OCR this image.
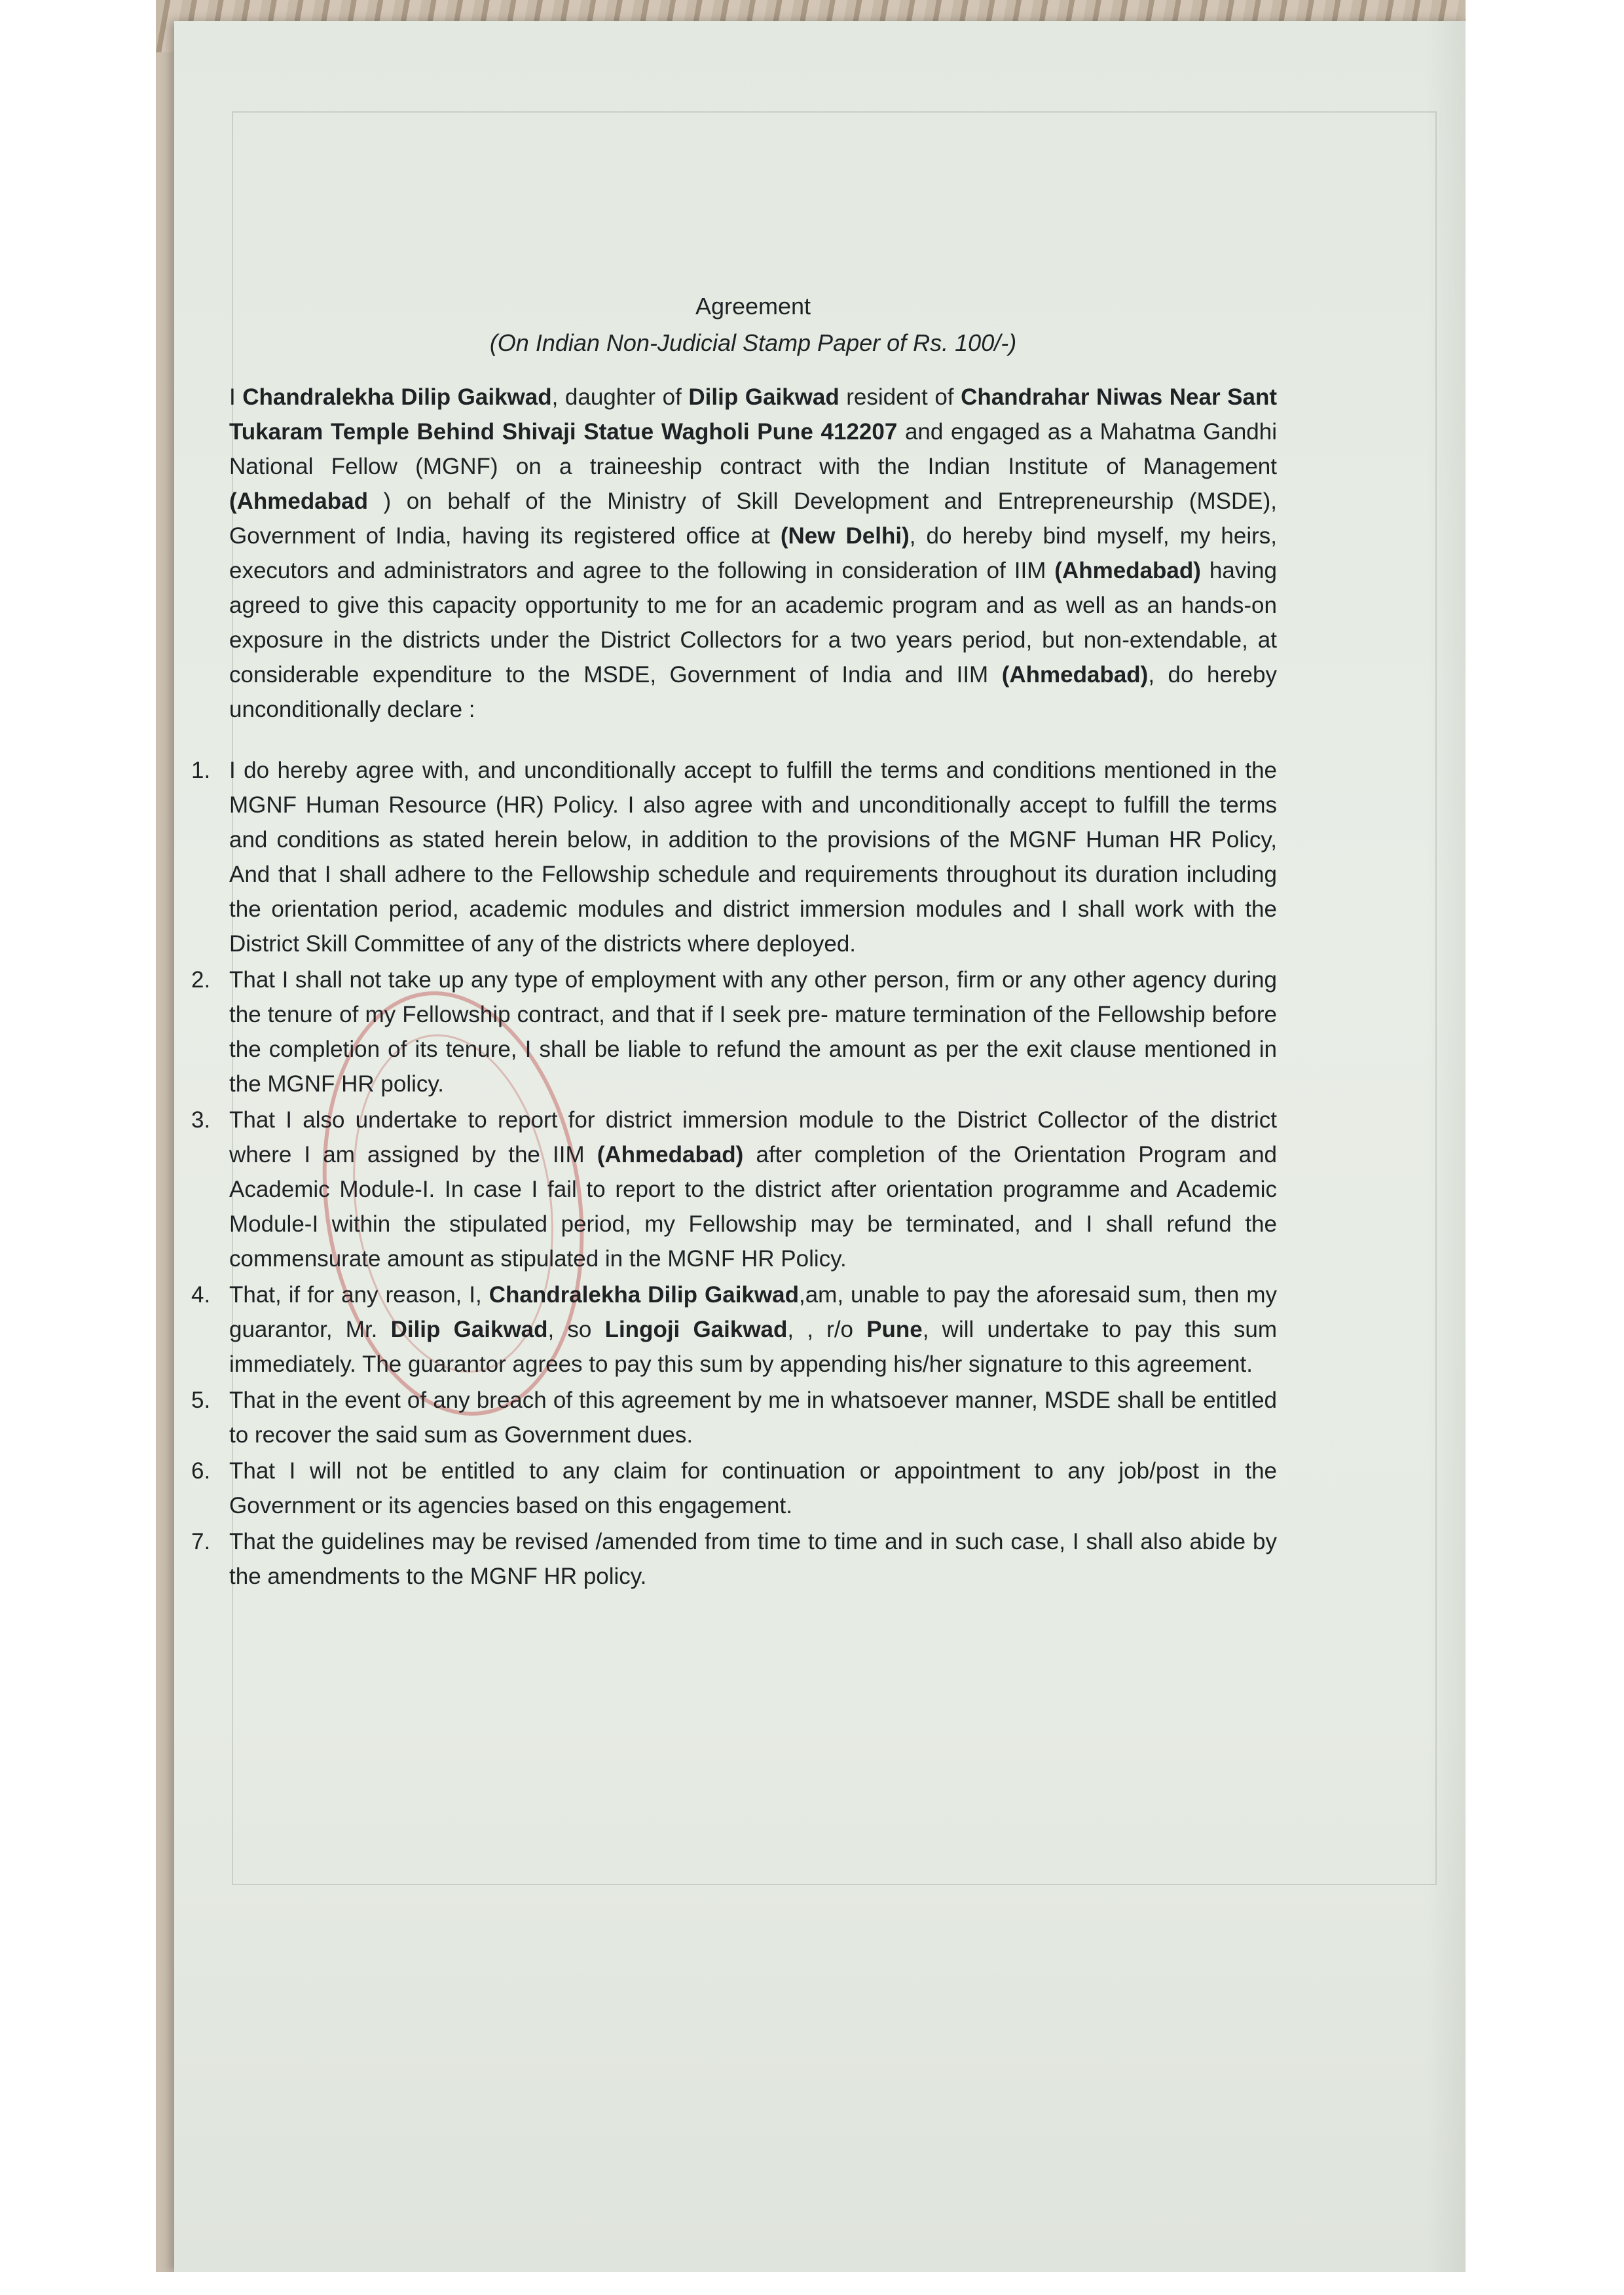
Agreement

(On Indian Non-Judicial Stamp Paper of Rs. 100/-)

I Chandralekha Dilip Gaikwad, daughter of Dilip Gaikwad resident of Chandrahar Niwas Near Sant Tukaram Temple Behind Shivaji Statue Wagholi Pune 412207 and engaged as a Mahatma Gandhi National Fellow (MGNF) on a traineeship contract with the Indian Institute of Management (Ahmedabad ) on behalf of the Ministry of Skill Development and Entrepreneurship (MSDE), Government of India, having its registered office at (New Delhi), do hereby bind myself, my heirs, executors and administrators and agree to the following in consideration of IIM (Ahmedabad) having agreed to give this capacity opportunity to me for an academic program and as well as an hands-on exposure in the districts under the District Collectors for a two years period, but non-extendable, at considerable expenditure to the MSDE, Government of India and IIM (Ahmedabad), do hereby unconditionally declare :

1. I do hereby agree with, and unconditionally accept to fulfill the terms and conditions mentioned in the MGNF Human Resource (HR) Policy. I also agree with and unconditionally accept to fulfill the terms and conditions as stated herein below, in addition to the provisions of the MGNF Human HR Policy, And that I shall adhere to the Fellowship schedule and requirements throughout its duration including the orientation period, academic modules and district immersion modules and I shall work with the District Skill Committee of any of the districts where deployed.
2. That I shall not take up any type of employment with any other person, firm or any other agency during the tenure of my Fellowship contract, and that if I seek pre- mature termination of the Fellowship before the completion of its tenure, I shall be liable to refund the amount as per the exit clause mentioned in the MGNF HR policy.
3. That I also undertake to report for district immersion module to the District Collector of the district where I am assigned by the IIM (Ahmedabad) after completion of the Orientation Program and Academic Module-I. In case I fail to report to the district after orientation programme and Academic Module-I within the stipulated period, my Fellowship may be terminated, and I shall refund the commensurate amount as stipulated in the MGNF HR Policy.
4. That, if for any reason, I, Chandralekha Dilip Gaikwad,am, unable to pay the aforesaid sum, then my guarantor, Mr. Dilip Gaikwad, so Lingoji Gaikwad, , r/o Pune, will undertake to pay this sum immediately. The guarantor agrees to pay this sum by appending his/her signature to this agreement.
5. That in the event of any breach of this agreement by me in whatsoever manner, MSDE shall be entitled to recover the said sum as Government dues.
6. That I will not be entitled to any claim for continuation or appointment to any job/post in the Government or its agencies based on this engagement.
7. That the guidelines may be revised /amended from time to time and in such case, I shall also abide by the amendments to the MGNF HR policy.
